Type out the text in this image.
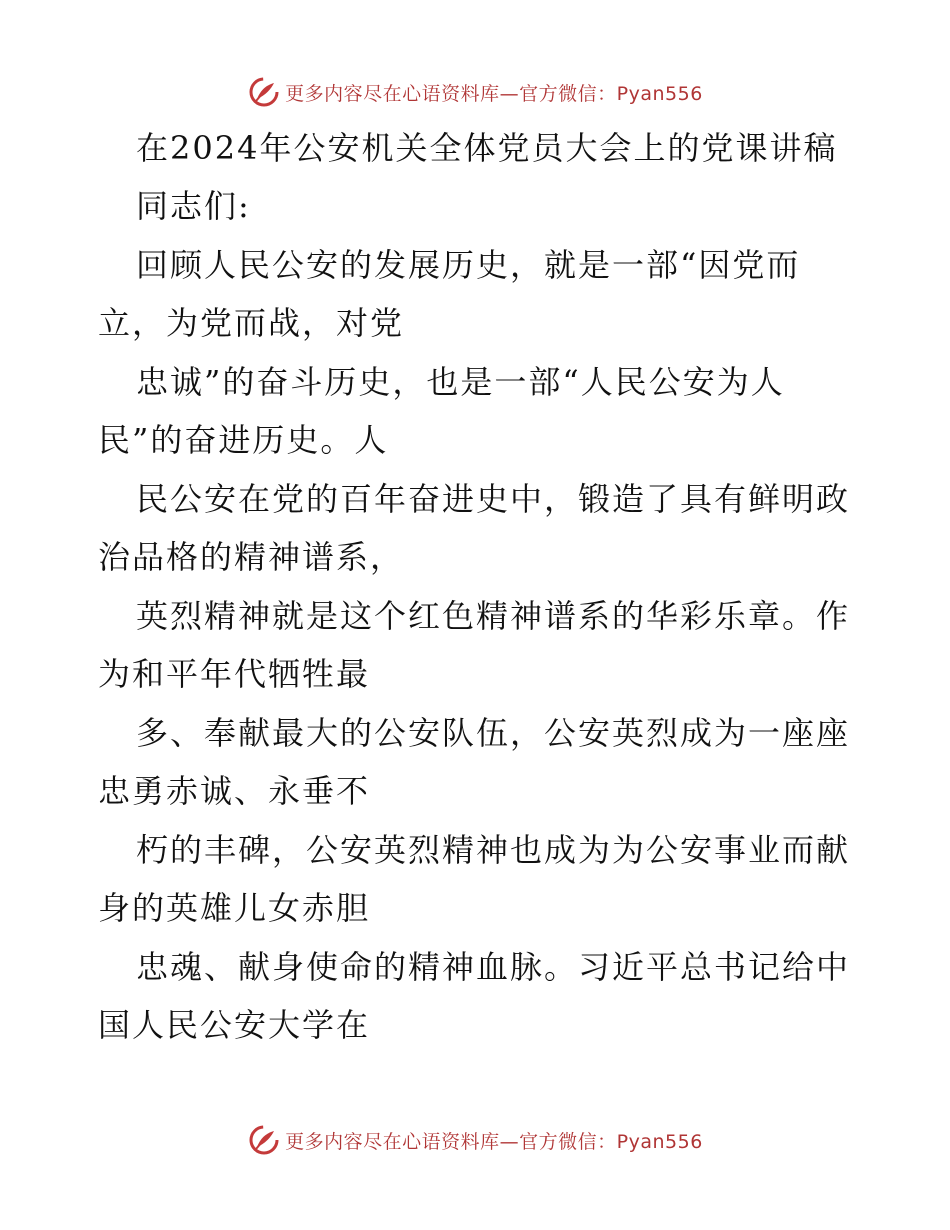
更多内容尽在心语资料库—官方微信：Pyan556
在2024年公安机关全体党员大会上的党课讲稿
同志们:
回顾人民公安的发展历史，就是一部“因党而
立，为党而战，对党
忠诚”的奋斗历史，也是一部“人民公安为人
民”的奋进历史。人
民公安在党的百年奋进史中，锻造了具有鲜明政
治品格的精神谱系，
英烈精神就是这个红色精神谱系的华彩乐章。作
为和平年代牺牲最
多、奉献最大的公安队伍，公安英烈成为一座座
忠勇赤诚、永垂不
朽的丰碑，公安英烈精神也成为为公安事业而献
身的英雄儿女赤胆
忠魂、献身使命的精神血脉。习近平总书记给中
国人民公安大学在
更多内容尽在心语资料库—官方微信：Pyan556
